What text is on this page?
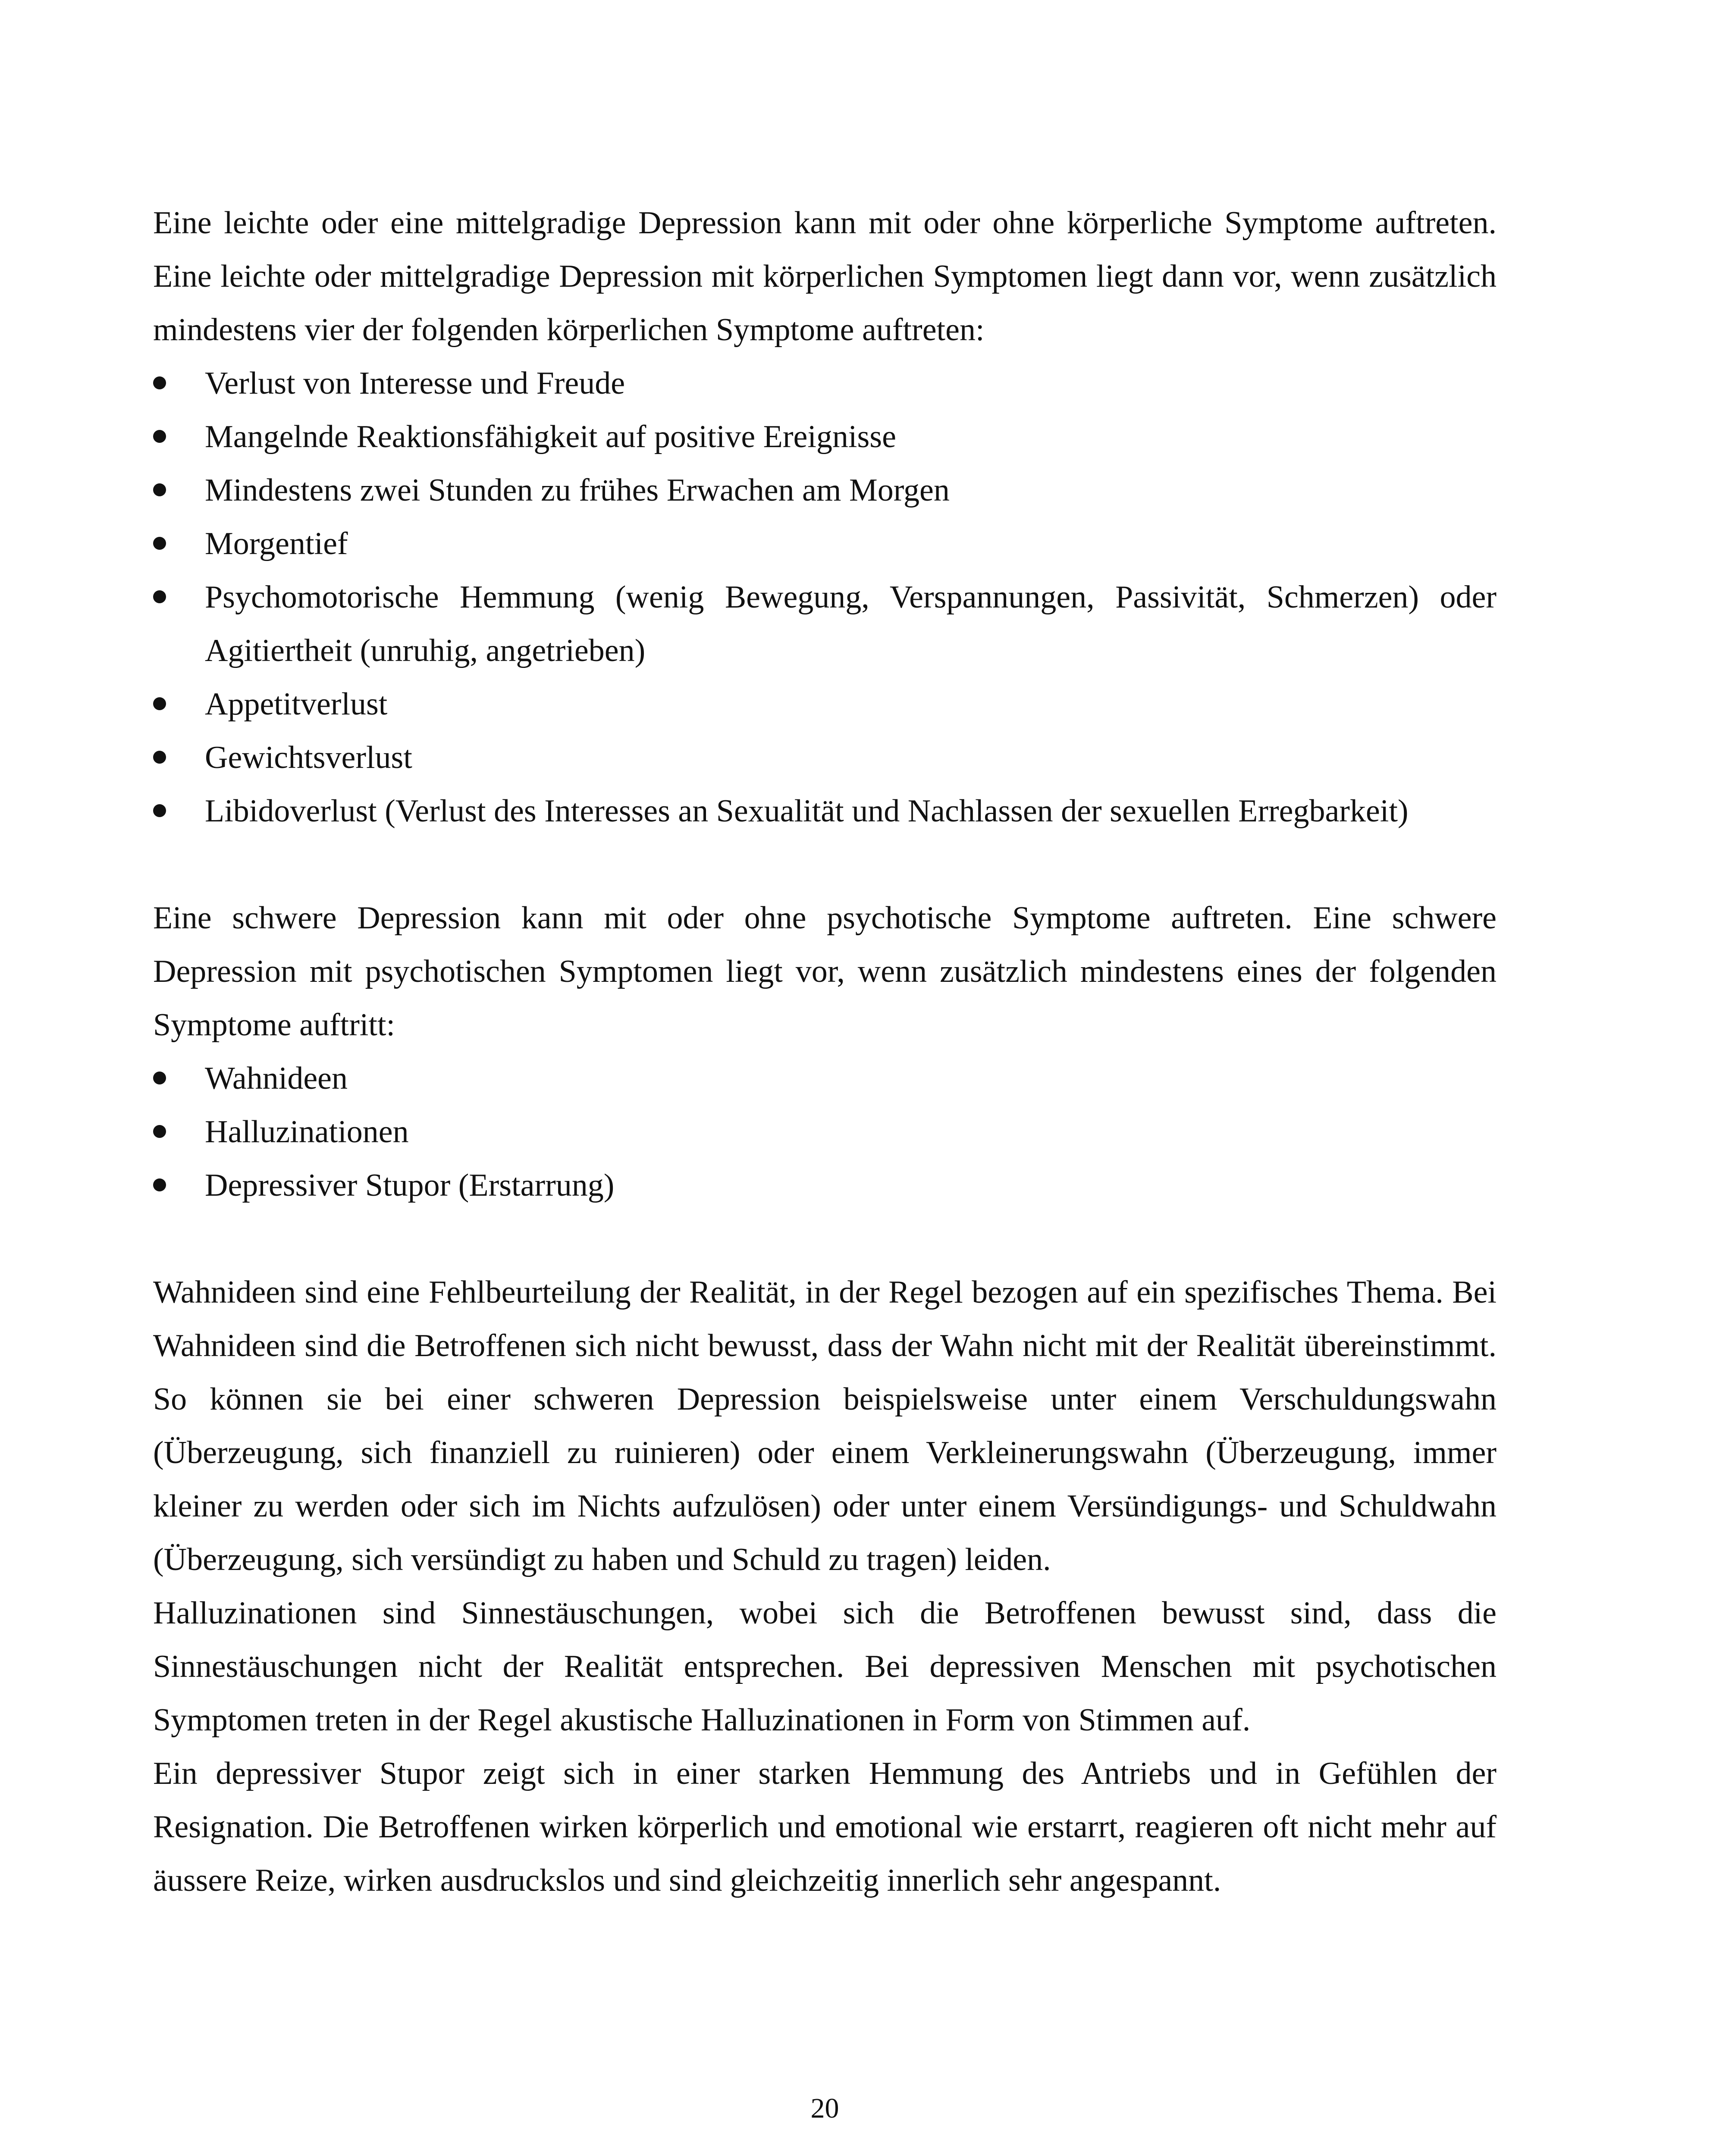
Eine leichte oder eine mittelgradige Depression kann mit oder ohne körperliche Symptome auftreten. Eine leichte oder mittelgradige Depression mit körperlichen Symptomen liegt dann vor, wenn zusätzlich mindestens vier der folgenden körperlichen Symptome auftreten:

Verlust von Interesse und Freude
Mangelnde Reaktionsfähigkeit auf positive Ereignisse
Mindestens zwei Stunden zu frühes Erwachen am Morgen
Morgentief
Psychomotorische Hemmung (wenig Bewegung, Verspannungen, Passivität, Schmerzen) oder Agitiertheit (unruhig, angetrieben)
Appetitverlust
Gewichtsverlust
Libidoverlust (Verlust des Interesses an Sexualität und Nachlassen der sexuellen Erregbarkeit)

Eine schwere Depression kann mit oder ohne psychotische Symptome auftreten. Eine schwere Depression mit psychotischen Symptomen liegt vor, wenn zusätzlich mindestens eines der folgenden Symptome auftritt:

Wahnideen
Halluzinationen
Depressiver Stupor (Erstarrung)

Wahnideen sind eine Fehlbeurteilung der Realität, in der Regel bezogen auf ein spezifisches Thema. Bei Wahnideen sind die Betroffenen sich nicht bewusst, dass der Wahn nicht mit der Realität übereinstimmt. So können sie bei einer schweren Depression beispielsweise unter einem Verschuldungswahn (Überzeugung, sich finanziell zu ruinieren) oder einem Verkleinerungswahn (Überzeugung, immer kleiner zu werden oder sich im Nichts aufzulösen) oder unter einem Versündigungs- und Schuldwahn (Überzeugung, sich versündigt zu haben und Schuld zu tragen) leiden.

Halluzinationen sind Sinnestäuschungen, wobei sich die Betroffenen bewusst sind, dass die Sinnestäuschungen nicht der Realität entsprechen. Bei depressiven Menschen mit psychotischen Symptomen treten in der Regel akustische Halluzinationen in Form von Stimmen auf.

Ein depressiver Stupor zeigt sich in einer starken Hemmung des Antriebs und in Gefühlen der Resignation. Die Betroffenen wirken körperlich und emotional wie erstarrt, reagieren oft nicht mehr auf äussere Reize, wirken ausdruckslos und sind gleichzeitig innerlich sehr angespannt.

20
